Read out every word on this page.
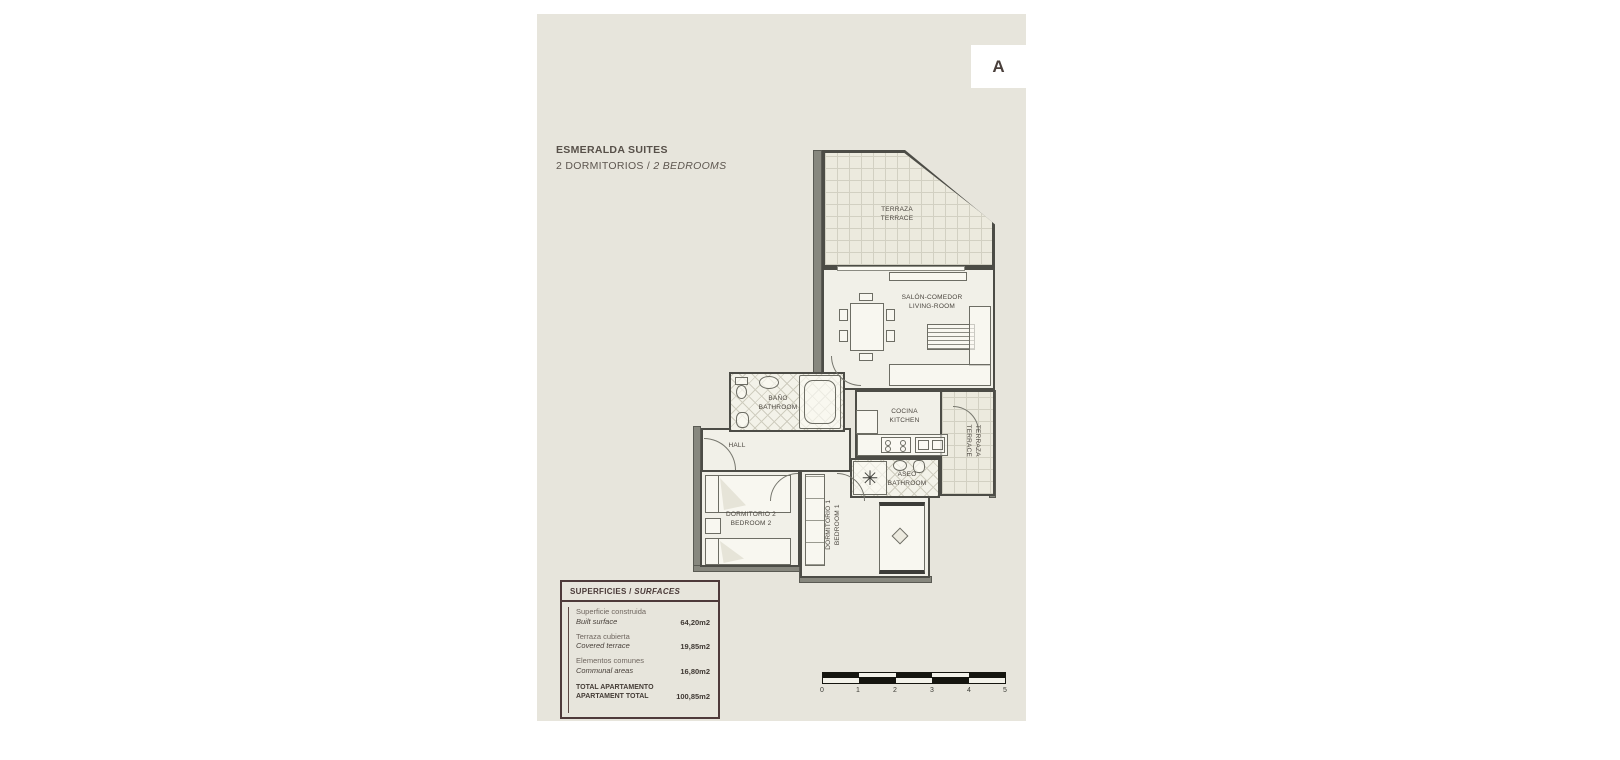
A
ESMERALDA SUITES
2 DORMITORIOS / 2 BEDROOMS
TERRAZA
TERRACE
SALÓN-COMEDOR
LIVING-ROOM
BAÑO
BATHROOM
COCINA
KITCHEN
TERRAZA
TERRACE
HALL
ASEO
BATHROOM
✳
DORMITORIO 2
BEDROOM 2	DORMITORIO 1 BEDROOM 1
SUPERFICIES / SURFACES
Superficie construida
Built surface	64,20m2
Terraza cubierta
Covered terrace	19,85m2
Elementos comunes
Communal areas	16,80m2
TOTAL APARTAMENTO
APARTAMENT TOTAL	100,85m2
0	1	2	3	4	5
